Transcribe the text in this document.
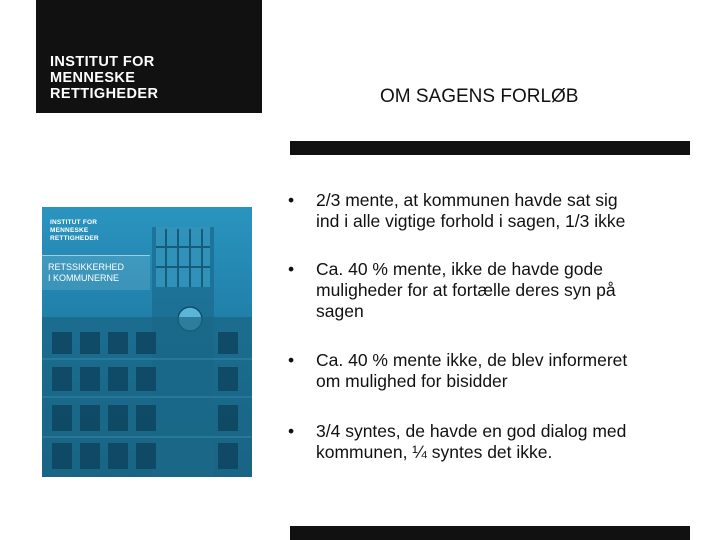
INSTITUT FOR
MENNESKE
RETTIGHEDER	OM SAGENS FORLØB
INSTITUT FOR
MENNESKE
RETTIGHEDER
RETSSIKKERHED
I KOMMUNERNE
•	2/3 mente, at kommunen havde sat sig
ind i alle vigtige forhold i sagen, 1/3 ikke
•	Ca. 40 % mente, ikke de havde gode
muligheder for at fortælle deres syn på
sagen
•	Ca. 40 % mente ikke, de blev informeret
om mulighed for bisidder
•	3/4 syntes, de havde en god dialog med
kommunen, ¼ syntes det ikke.
